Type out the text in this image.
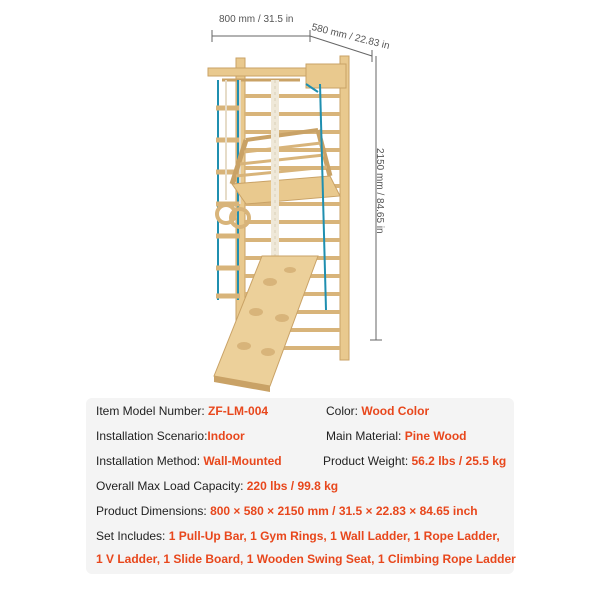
800 mm / 31.5 in
580 mm / 22.83 in
2150 mm / 84.65 in
Item Model Number: ZF-LM-004	Color: Wood Color
Installation Scenario:Indoor	Main Material: Pine Wood
Installation Method: Wall-Mounted	Product Weight: 56.2 lbs / 25.5 kg
Overall Max Load Capacity: 220 lbs / 99.8 kg
Product Dimensions: 800 × 580 × 2150 mm / 31.5 × 22.83 × 84.65 inch
Set Includes: 1 Pull-Up Bar, 1 Gym Rings, 1 Wall Ladder, 1 Rope Ladder,
1 V Ladder, 1 Slide Board, 1 Wooden Swing Seat, 1 Climbing Rope Ladder
